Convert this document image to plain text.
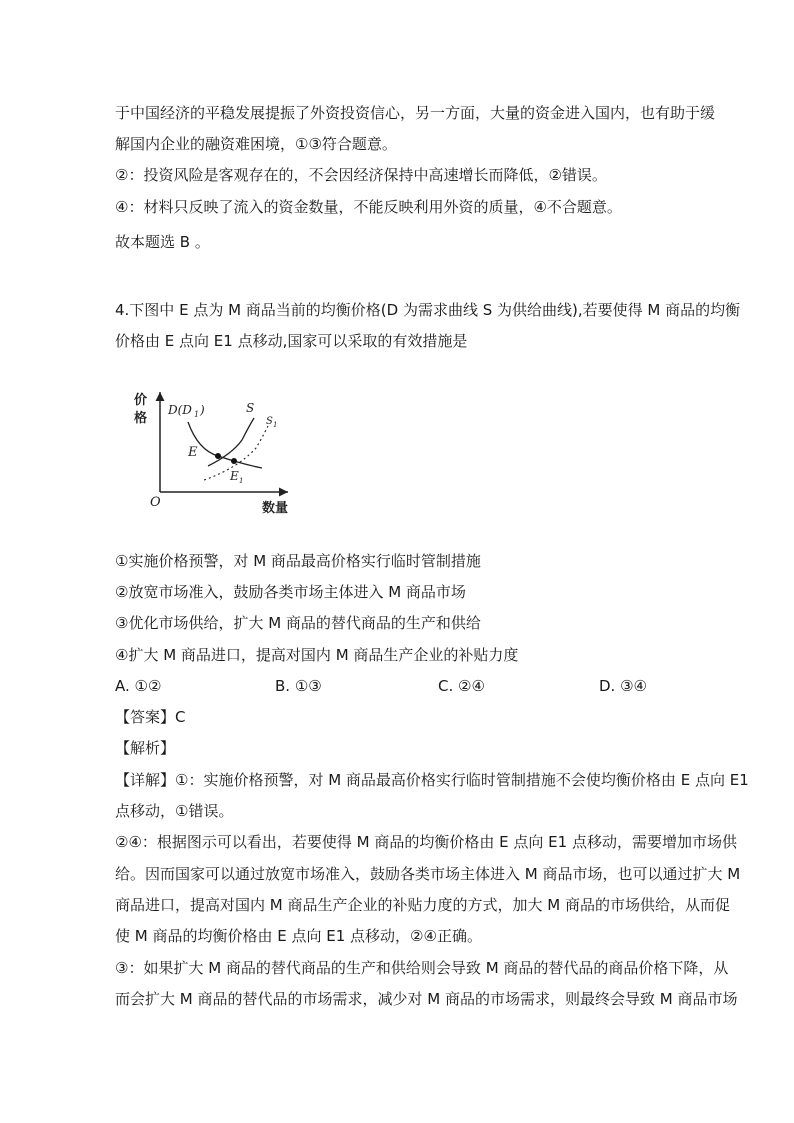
于中国经济的平稳发展提振了外资投资信心，另一方面，大量的资金进入国内，也有助于缓
解国内企业的融资难困境，①③符合题意。
②：投资风险是客观存在的，不会因经济保持中高速增长而降低，②错误。
④：材料只反映了流入的资金数量，不能反映利用外资的质量，④不合题意。
故本题选 B 。
4.下图中 E 点为 M 商品当前的均衡价格(D 为需求曲线 S 为供给曲线),若要使得 M 商品的均衡
价格由 E 点向 E1 点移动,国家可以采取的有效措施是
价
格
数量
O
D(D 1 )	S
S 1
E
E 1
①实施价格预警，对 M 商品最高价格实行临时管制措施
②放宽市场准入，鼓励各类市场主体进入 M 商品市场
③优化市场供给，扩大 M 商品的替代商品的生产和供给
④扩大 M 商品进口，提高对国内 M 商品生产企业的补贴力度
A. ①②	B. ①③	C. ②④	D. ③④
【答案】C
【解析】
【详解】①：实施价格预警，对 M 商品最高价格实行临时管制措施不会使均衡价格由 E 点向 E1
点移动，①错误。
②④：根据图示可以看出，若要使得 M 商品的均衡价格由 E 点向 E1 点移动，需要增加市场供
给。因而国家可以通过放宽市场准入，鼓励各类市场主体进入 M 商品市场，也可以通过扩大 M
商品进口，提高对国内 M 商品生产企业的补贴力度的方式，加大 M 商品的市场供给，从而促
使 M 商品的均衡价格由 E 点向 E1 点移动，②④正确。
③：如果扩大 M 商品的替代商品的生产和供给则会导致 M 商品的替代品的商品价格下降，从
而会扩大 M 商品的替代品的市场需求，减少对 M 商品的市场需求，则最终会导致 M 商品市场
